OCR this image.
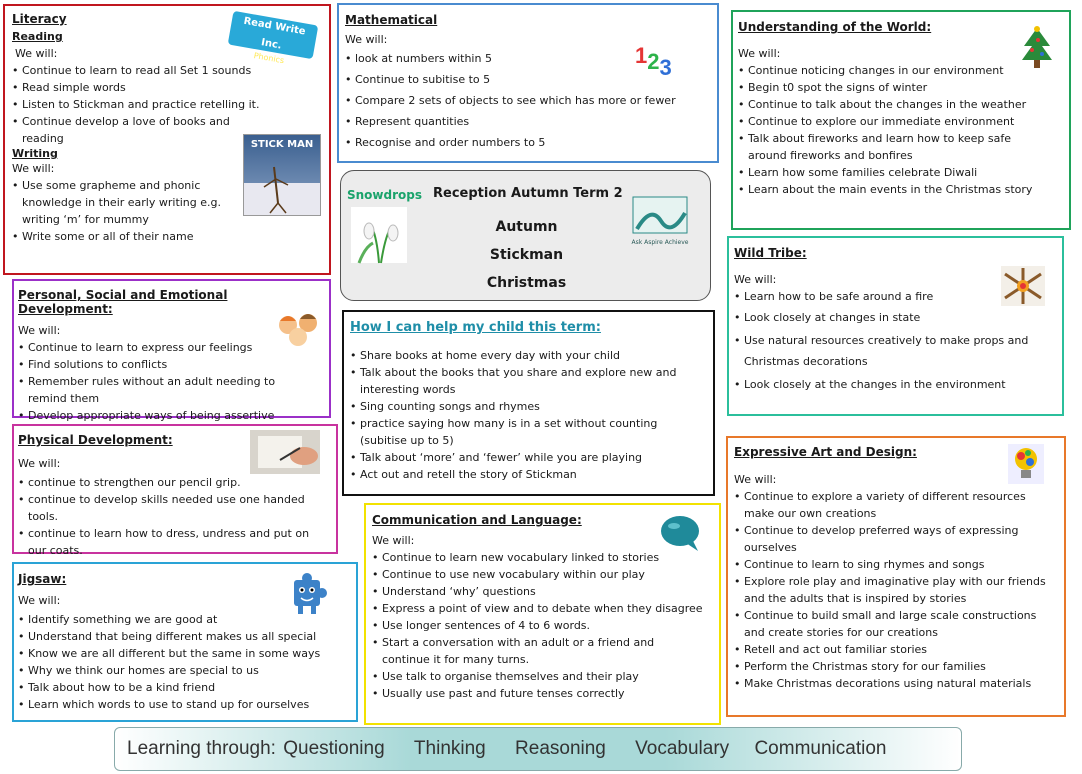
Literacy
Reading
We will:
• Continue to learn to read all Set 1 sounds
• Read simple words
• Listen to Stickman and practice retelling it.
• Continue develop a love of books and reading
Writing
We will:
• Use some grapheme and phonic knowledge in their early writing e.g. writing ‘m’ for mummy
• Write some or all of their name
Read Write Inc.
Phonics
STICK MAN
Mathematical
We will:
• look at numbers within 5
• Continue to subitise to 5
• Compare 2 sets of objects to see which has more or fewer
• Represent quantities
• Recognise and order numbers to 5
123
Understanding of the World:
We will:
• Continue noticing changes in our environment
• Begin t0 spot the signs of winter
• Continue to talk about the changes in the weather
• Continue to explore our immediate environment
• Talk about fireworks and learn how to keep safe around fireworks and bonfires
• Learn how some families celebrate Diwali
• Learn about the main events in the Christmas story
Snowdrops Reception Autumn Term 2
Autumn
Stickman
Christmas
Ask Aspire Achieve
Personal, Social and Emotional Development:
We will:
• Continue to learn to express our feelings
• Find solutions to conflicts
• Remember rules without an adult needing to remind them
• Develop appropriate ways of being assertive
How I can help my child this term:
• Share books at home every day with your child
• Talk about the books that you share and explore new and interesting words
• Sing counting songs and rhymes
• practice saying how many is in a set without counting (subitise up to 5)
• Talk about ‘more’ and ‘fewer’ while you are playing
• Act out and retell the story of Stickman
Wild Tribe:
We will:
• Learn how to be safe around a fire
• Look closely at changes in state
• Use natural resources creatively to make props and Christmas decorations
• Look closely at the changes in the environment
Physical Development:
We will:
• continue to strengthen our pencil grip.
• continue to develop skills needed use one handed tools.
• continue to learn how to dress, undress and put on our coats.
•
Expressive Art and Design:
We will:
• Continue to explore a variety of different resources make our own creations
• Continue to develop preferred ways of expressing ourselves
• Continue to learn to sing rhymes and songs
• Explore role play and imaginative play with our friends and the adults that is inspired by stories
• Continue to build small and large scale constructions and create stories for our creations
• Retell and act out familiar stories
• Perform the Christmas story for our families
• Make Christmas decorations using natural materials
Communication and Language:
We will:
• Continue to learn new vocabulary linked to stories
• Continue to use new vocabulary within our play
• Understand ‘why’ questions
• Express a point of view and to debate when they disagree
• Use longer sentences of 4 to 6 words.
• Start a conversation with an adult or a friend and continue it for many turns.
• Use talk to organise themselves and their play
• Usually use past and future tenses correctly
Jigsaw:
We will:
• Identify something we are good at
• Understand that being different makes us all special
• Know we are all different but the same in some ways
• Why we think our homes are special to us
• Talk about how to be a kind friend
• Learn which words to use to stand up for ourselves
Learning through: Questioning Thinking Reasoning Vocabulary Communication
